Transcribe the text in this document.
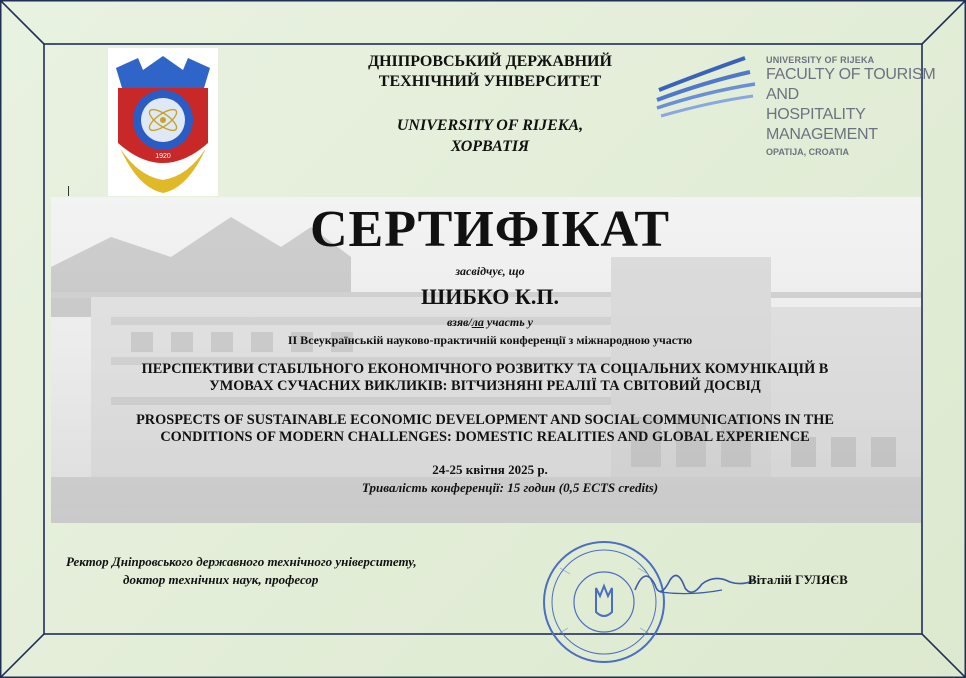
1920
UNIVERSITY OF RIJEKA
FACULTY OF TOURISM AND
HOSPITALITY MANAGEMENT
OPATIJA, CROATIA
ДНІПРОВСЬКИЙ ДЕРЖАВНИЙ
ТЕХНІЧНИЙ УНІВЕРСИТЕТ
UNIVERSITY OF RIJEKA,
ХОРВАТІЯ
СЕРТИФІКАТ
засвідчує, що
ШИБКО К.П.
взяв/ла участь у
II Всеукраїнській науково-практичній конференції з міжнародною участю
ПЕРСПЕКТИВИ СТАБІЛЬНОГО ЕКОНОМІЧНОГО РОЗВИТКУ ТА СОЦІАЛЬНИХ КОМУНІКАЦІЙ В
УМОВАХ СУЧАСНИХ ВИКЛИКІВ: ВІТЧИЗНЯНІ РЕАЛІЇ ТА СВІТОВИЙ ДОСВІД
PROSPECTS OF SUSTAINABLE ECONOMIC DEVELOPMENT AND SOCIAL COMMUNICATIONS IN THE
CONDITIONS OF MODERN CHALLENGES: DOMESTIC REALITIES AND GLOBAL EXPERIENCE
24-25 квітня 2025 р.
Тривалість конференції: 15 годин (0,5 ECTS credits)
Ректор Дніпровського державного технічного університету,
доктор технічних наук, професор	Віталій ГУЛЯЄВ
